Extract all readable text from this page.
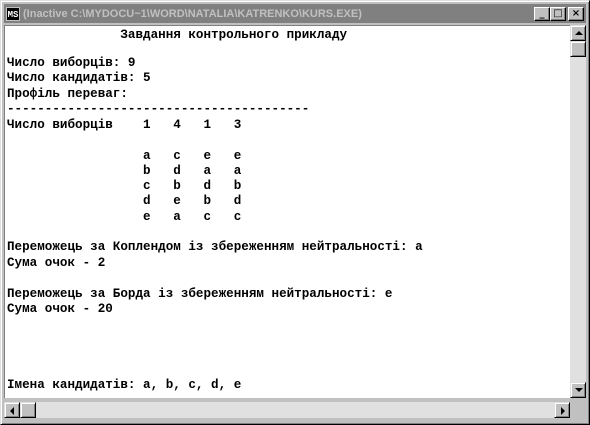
MS (Inactive C:\MYDOCU~1\WORD\NATALIA\KATRENKO\KURS.EXE)	_ □ ×
Завдання контрольного прикладу
Число виборців: 9
Число кандидатів: 5
Профіль переваг:
----------------------------------------
Число виборців    1   4   1   3
a   c   e   e
b   d   a   a
c   b   d   b
d   e   b   d
e   a   c   c
Переможець за Коплендом із збереженням нейтральності: a
Сума очок - 2
Переможець за Борда із збереженням нейтральності: e
Сума очок - 20
Імена кандидатів: a, b, c, d, e
